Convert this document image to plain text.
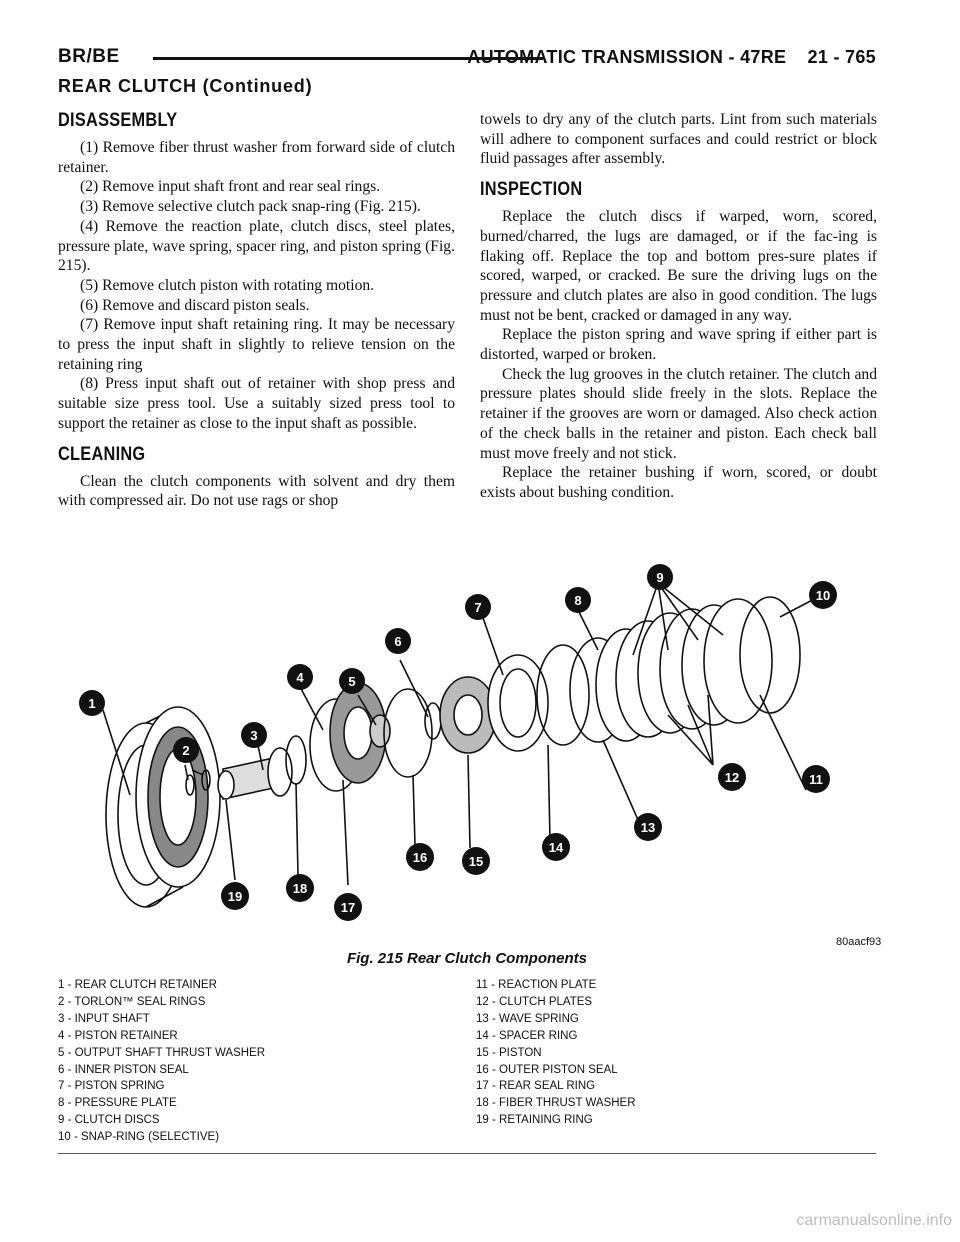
BR/BE	AUTOMATIC TRANSMISSION - 47RE    21 - 765
REAR CLUTCH (Continued)
DISASSEMBLY

(1) Remove fiber thrust washer from forward side of clutch retainer.

(2) Remove input shaft front and rear seal rings.

(3) Remove selective clutch pack snap-ring (Fig. 215).

(4) Remove the reaction plate, clutch discs, steel plates, pressure plate, wave spring, spacer ring, and piston spring (Fig. 215).

(5) Remove clutch piston with rotating motion.

(6) Remove and discard piston seals.

(7) Remove input shaft retaining ring. It may be necessary to press the input shaft in slightly to relieve tension on the retaining ring

(8) Press input shaft out of retainer with shop press and suitable size press tool. Use a suitably sized press tool to support the retainer as close to the input shaft as possible.

CLEANING

Clean the clutch components with solvent and dry them with compressed air. Do not use rags or shop

towels to dry any of the clutch parts. Lint from such materials will adhere to component surfaces and could restrict or block fluid passages after assembly.

INSPECTION

Replace the clutch discs if warped, worn, scored, burned/charred, the lugs are damaged, or if the fac-ing is flaking off. Replace the top and bottom pres-sure plates if scored, warped, or cracked. Be sure the driving lugs on the pressure and clutch plates are also in good condition. The lugs must not be bent, cracked or damaged in any way.

Replace the piston spring and wave spring if either part is distorted, warped or broken.

Check the lug grooves in the clutch retainer. The clutch and pressure plates should slide freely in the slots. Replace the retainer if the grooves are worn or damaged. Also check action of the check balls in the retainer and piston. Each check ball must move freely and not stick.

Replace the retainer bushing if worn, scored, or doubt exists about bushing condition.

1
2
3
4	5
6
7	8
9
10
11
12
13
14
15
16
17
18
19
80aacf93
Fig. 215 Rear Clutch Components
1 - REAR CLUTCH RETAINER
2 - TORLON™ SEAL RINGS
3 - INPUT SHAFT
4 - PISTON RETAINER
5 - OUTPUT SHAFT THRUST WASHER
6 - INNER PISTON SEAL
7 - PISTON SPRING
8 - PRESSURE PLATE
9 - CLUTCH DISCS
10 - SNAP-RING (SELECTIVE)
11 - REACTION PLATE
12 - CLUTCH PLATES
13 - WAVE SPRING
14 - SPACER RING
15 - PISTON
16 - OUTER PISTON SEAL
17 - REAR SEAL RING
18 - FIBER THRUST WASHER
19 - RETAINING RING
carmanualsonline.info
